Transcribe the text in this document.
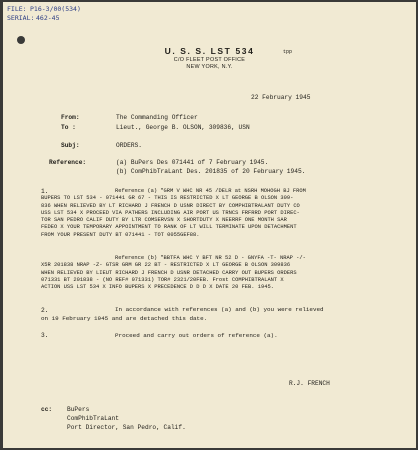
FILE: P16-3/00(534)
SERIAL: 462-45
U. S. S. LST 534	tpp
C/O FLEET POST OFFICE
NEW YORK, N.Y.
22 February 1945
From:	The Commanding Officer
To :	Lieut., George B. OLSON, 309836, USN
Subj:	ORDERS.
Reference:	(a) BuPers Des 071441 of 7 February 1945.
(b) ComPhibTraLant Des. 201835 of 20 February 1945.
1.	Reference (a) "GRM V WHC NR 45 /DELR at NSRH MOHOGH BJ FROM
BUPERS TO LST 534 - 071441 GR 67 - THIS IS RESTRICTED X LT GEORGE B OLSON 309-
836 WHEN RELIEVED BY LT RICHARD J FRENCH D USNR DIRECT BY COMPHIBTRALANT DUTY CO
USS LST 534 X PROCEED VIA PATHERS INCLUDING AIR PORT US TRNCS FRFRRD PORT DIREC-
TOR SAN PEDRO CALIF DUTY BY LTR COMSERVSN X SHORTDUTY X NEERRF ONE MONTH SAR
FEDEO X YOUR TEMPORARY APPOINTMENT TO RANK OF LT WILL TERMINATE UPON DETACHMENT
FROM YOUR PRESENT DUTY BT 071441 - TOT 0055GEF88.
Reference (b) "BBTFA WHC Y BFT NR 52 D - GNYFA -T- NRAP -/-
X5R 201838 NRAP -Z- GTSR GRM GR 22 BT - RESTRICTED X LT GEORGE B OLSON 309836
WHEN RELIEVED BY LIEUT RICHARD J FRENCH D USNR DETACHED CARRY OUT BUPERS ORDERS
071331 BT 201838 - (NO REF# 071331) TOR# 2321/20FEB. Frost COMPHIBTRALANT X
ACTION USS LST 534 X INFO BUPERS X PRECEDENCE D D D X DATE 20 FEB. 1945.
2.	In accordance with references (a) and (b) you were relieved
on 19 February 1945 and are detached this date.
3.	Proceed and carry out orders of reference (a).
R.J. FRENCH
cc: BuPers
ComPhibTraLant
Port Director, San Pedro, Calif.
